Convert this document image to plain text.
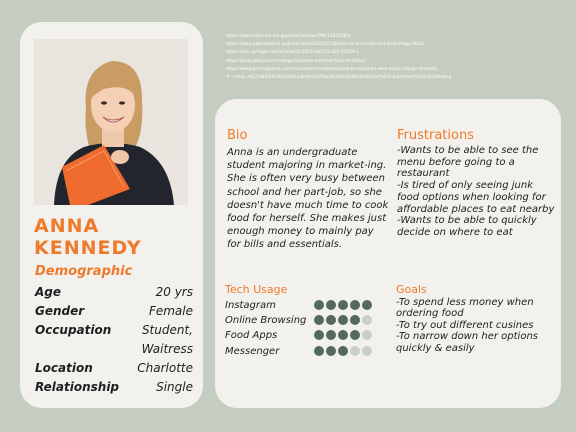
ANNA
KENNEDY
Demographic
Age	20 yrs
Gender	Female
Occupation	Student,
Waitress
Location	Charlotte
Relationship	Single
https://www.ncbi.nlm.nih.gov/pmc/articles/PMC10435563/
https://www.pewresearch.org/internet/2023/12/11/teens-social-media-and-technology-2023/
https://link.springer.com/article/10.1007/s00112-022-01238-1
https://blog.gitnux.com/college-students-and-fast-food-statistics/
https://www.qsrmagazine.com/consumer-trends/restaurants-would-be-wise-court-college-students
#:~:text=%E2%80%9CBS%20Students%20Tend%20to%20Eat%20Fast%20Food,trends%20in%20dating.
Bio
Anna is an undergraduate student majoring in market-ing. She is often very busy between school and her part-job, so she doesn't have much time to cook food for herself. She makes just enough money to mainly pay for bills and essentials.
Frustrations
-Wants to be able to see the menu before going to a restaurant
-Is tired of only seeing junk food options when looking for affordable places to eat nearby
-Wants to be able to quickly decide on where to eat
Tech Usage
Instagram
Online Browsing
Food Apps
Messenger
Goals
-To spend less money when ordering food
-To try out different cusines
-To narrow down her options quickly & easily
